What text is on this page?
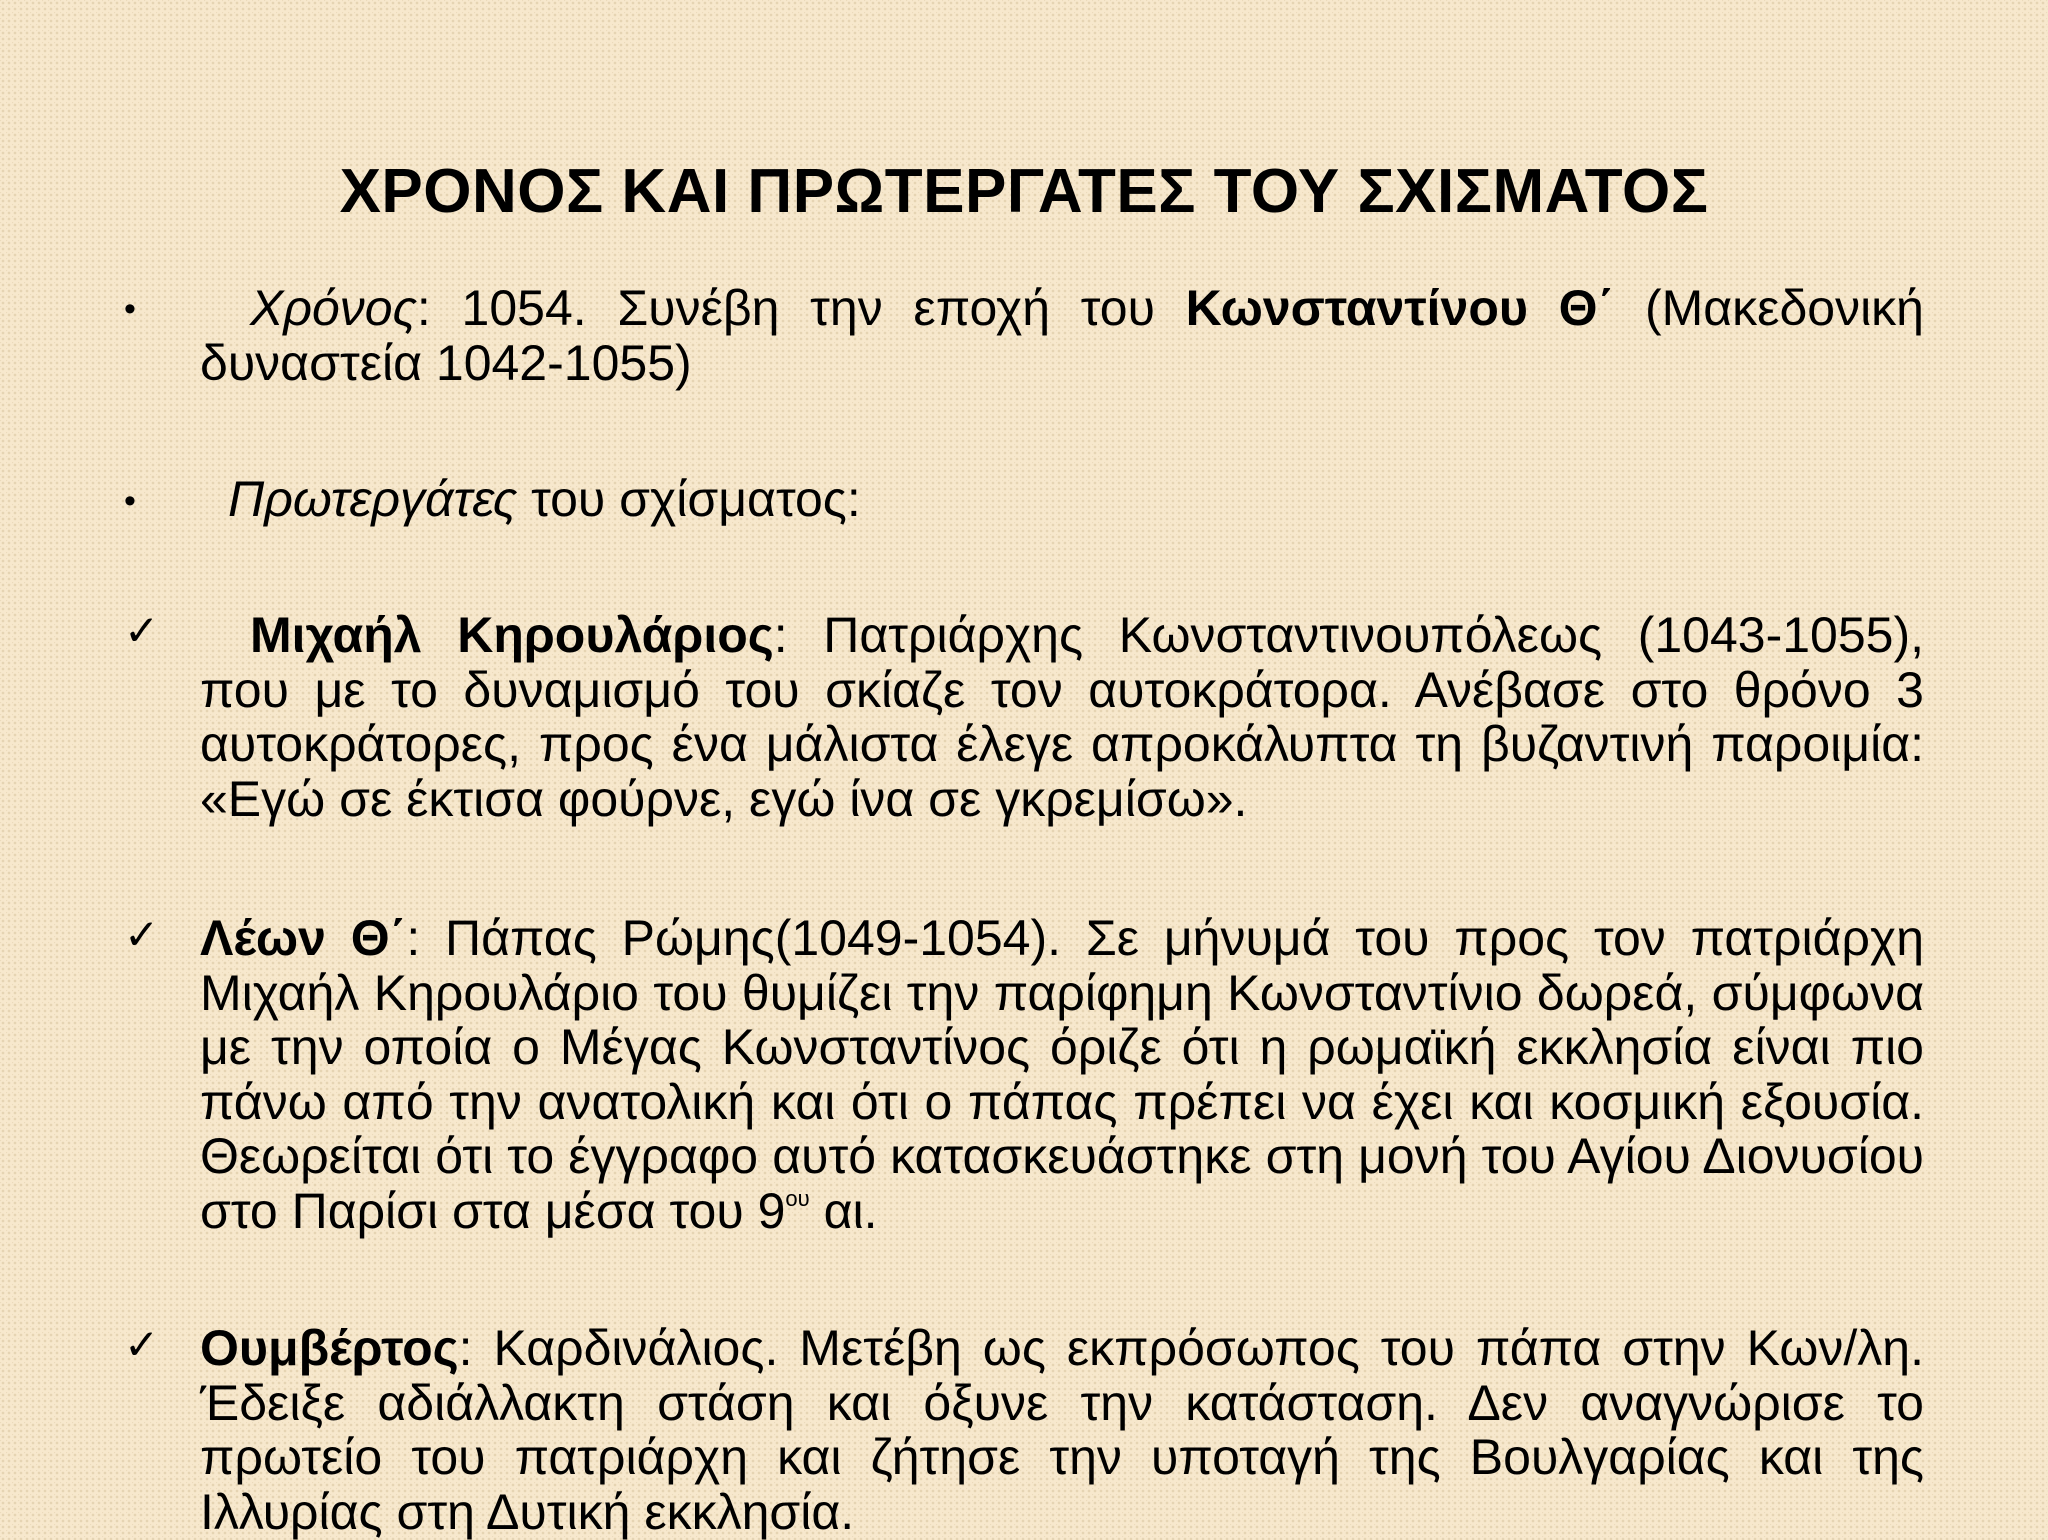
ΧΡΟΝΟΣ ΚΑΙ ΠΡΩΤΕΡΓΑΤΕΣ ΤΟΥ ΣΧΙΣΜΑΤΟΣ
•	Χρόνος: 1054. Συνέβη την εποχή του Κωνσταντίνου Θ΄ (Μακεδονική δυναστεία 1042-1055)
•	Πρωτεργάτες του σχίσματος:
✓	Μιχαήλ Κηρουλάριος: Πατριάρχης Κωνσταντινουπόλεως (1043-1055), που με το δυναμισμό του σκίαζε τον αυτοκράτορα. Ανέβασε στο θρόνο 3 αυτοκράτορες, προς ένα μάλιστα έλεγε απροκάλυπτα τη βυζαντινή παροιμία: «Εγώ σε έκτισα φούρνε, εγώ ίνα σε γκρεμίσω».
✓ Λέων Θ΄: Πάπας Ρώμης(1049-1054). Σε μήνυμά του προς τον πατριάρχη Μιχαήλ Κηρουλάριο του θυμίζει την παρίφημη Κωνσταντίνιο δωρεά, σύμφωνα με την οποία ο Μέγας Κωνσταντίνος όριζε ότι η ρωμαϊκή εκκλησία είναι πιο πάνω από την ανατολική και ότι ο πάπας πρέπει να έχει και κοσμική εξουσία. Θεωρείται ότι το έγγραφο αυτό κατασκευάστηκε στη μονή του Αγίου Διονυσίου στο Παρίσι στα μέσα του $9^{o\upsilon}$ αι.
✓ Ουμβέρτος: Καρδινάλιος. Μετέβη ως εκπρόσωπος του πάπα στην Κων/λη. Έδειξε αδιάλλακτη στάση και όξυνε την κατάσταση. Δεν αναγνώρισε το πρωτείο του πατριάρχη και ζήτησε την υποταγή της Βουλγαρίας και της Ιλλυρίας στη Δυτική εκκλησία.
